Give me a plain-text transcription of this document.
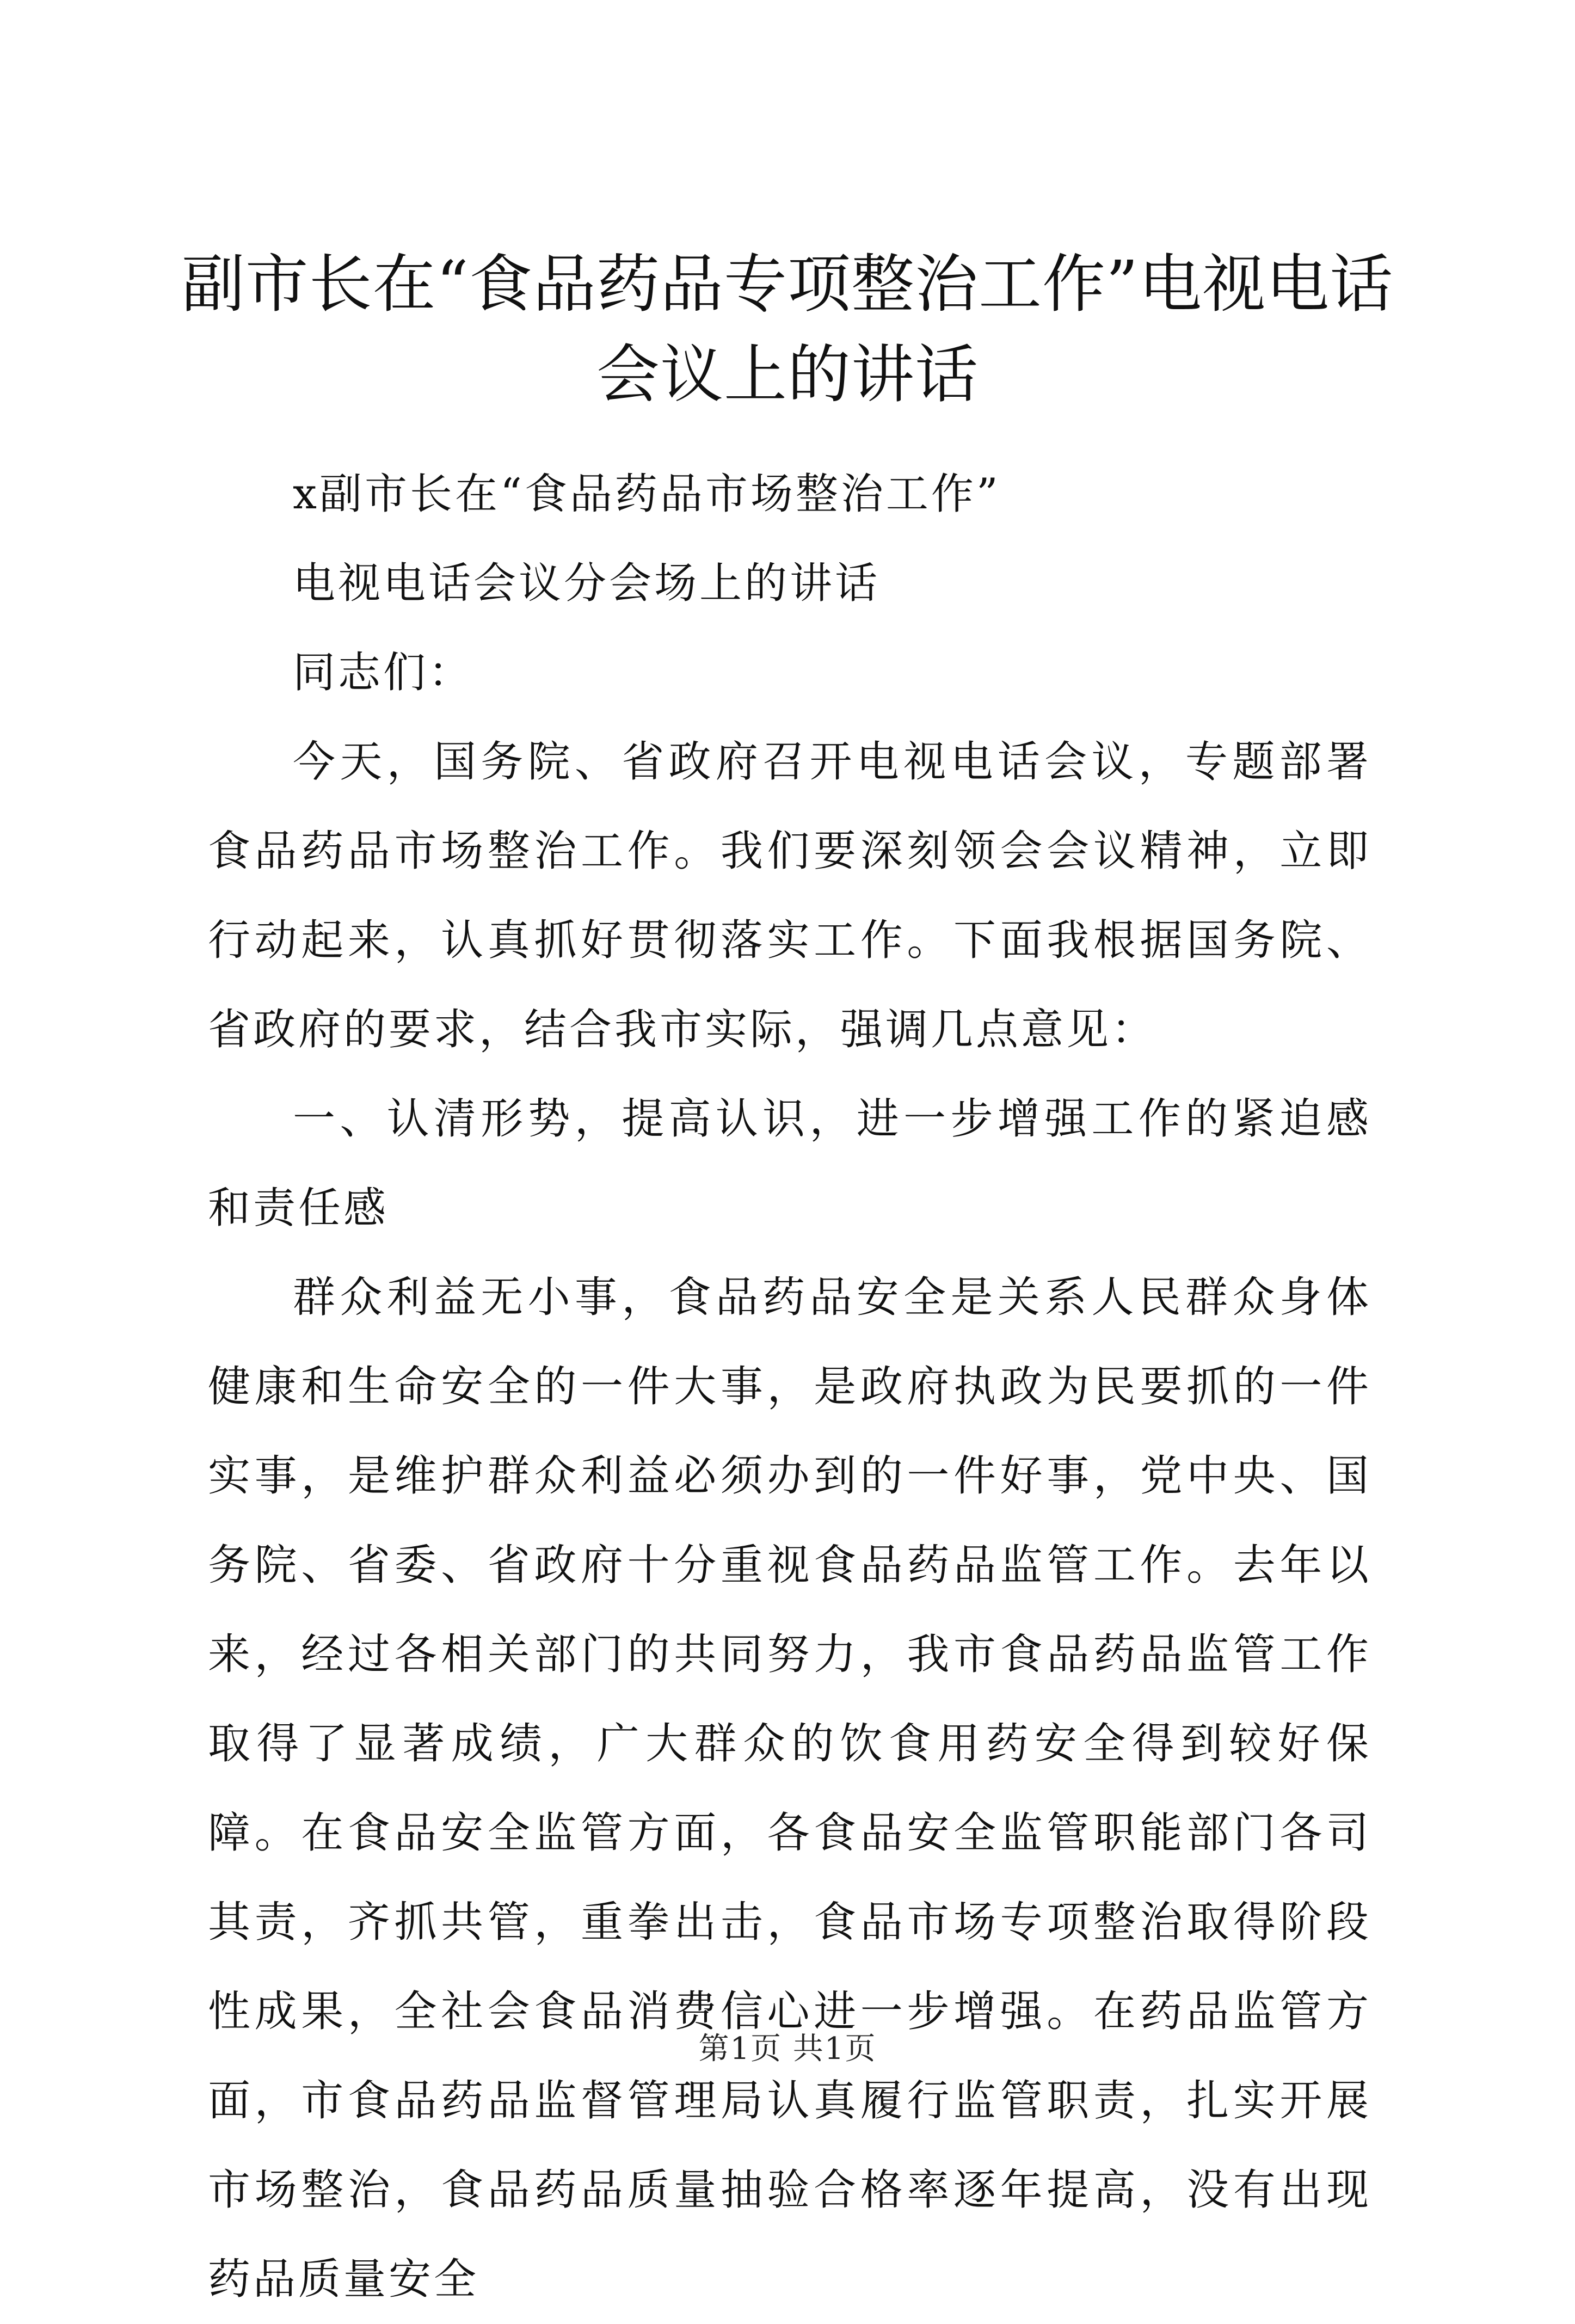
副市长在“食品药品专项整治工作”电视电话会议上的讲话

x副市长在“食品药品市场整治工作”

电视电话会议分会场上的讲话

同志们：

今天，国务院、省政府召开电视电话会议，专题部署食品药品市场整治工作。我们要深刻领会会议精神，立即行动起来，认真抓好贯彻落实工作。下面我根据国务院、省政府的要求，结合我市实际，强调几点意见：

一、认清形势，提高认识，进一步增强工作的紧迫感和责任感

群众利益无小事，食品药品安全是关系人民群众身体健康和生命安全的一件大事，是政府执政为民要抓的一件实事，是维护群众利益必须办到的一件好事，党中央、国务院、省委、省政府十分重视食品药品监管工作。去年以来，经过各相关部门的共同努力，我市食品药品监管工作取得了显著成绩，广大群众的饮食用药安全得到较好保障。在食品安全监管方面，各食品安全监管职能部门各司其责，齐抓共管，重拳出击，食品市场专项整治取得阶段性成果，全社会食品消费信心进一步增强。在药品监管方面，市食品药品监督管理局认真履行监管职责，扎实开展市场整治，食品药品质量抽验合格率逐年提高，没有出现药品质量安全

第1页 共1页
